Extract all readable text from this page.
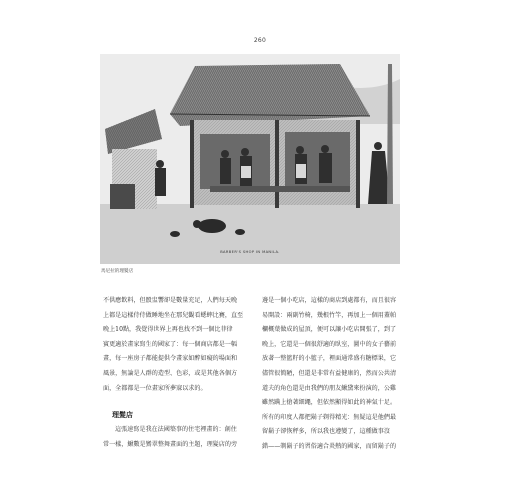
260
BARBER'S SHOP IN MANILA.
馬尼拉的理髮店

不供應飲料，但骰盅響卻是數量充足，人們每天晚

上都是這樣侍侍做睡地坐在那兒觀看蟋蟀比賽，直至

晚上10點，我覺得世界上再也找不到一個比菲律

賓更適於畫家寫生的國家了：每一個商店都是一幅

畫，每一座房子都能提供令畫家如醉如癡的場面和

風景，無論是人群的造型、色彩，或是其他各個方

面，全都都是一位畫家所夢寐以求的。

理髮店

這張速寫是我在法國築事的住宅裡畫的：創住

常一樣，鰍數是鸞翠整舞畫面的主題，理髮店的旁

邊是一個小吃店，這樣的商店到處都有，而且很容

易開設：兩副竹椅，幾根竹竿，再加上一個用蓋帕

欄概葉做成的屋頂，便可以讓小吃店開張了，到了

晚上，它還是一個很舒適的臥室，圖中的女子藝前

放著一整籃籽的小籃子，裡面通常盛有糖標果，它

儘管很簡陋，但還是非常有益健康的，然而公共清

道夫的角色還是由我們的朋友鰍黛來扮演的，公雞

雖然蹒上搶著細繩，但依然顯得如此的神氣十足。

所有的印度人都把鬍子剃得精光：無疑這是他們最

留鬍子卻恢秤多，所以我也遵變了，這種做事沒

錯——剃鬍子的習俗適合炎熱的國家，而留鬍子的
